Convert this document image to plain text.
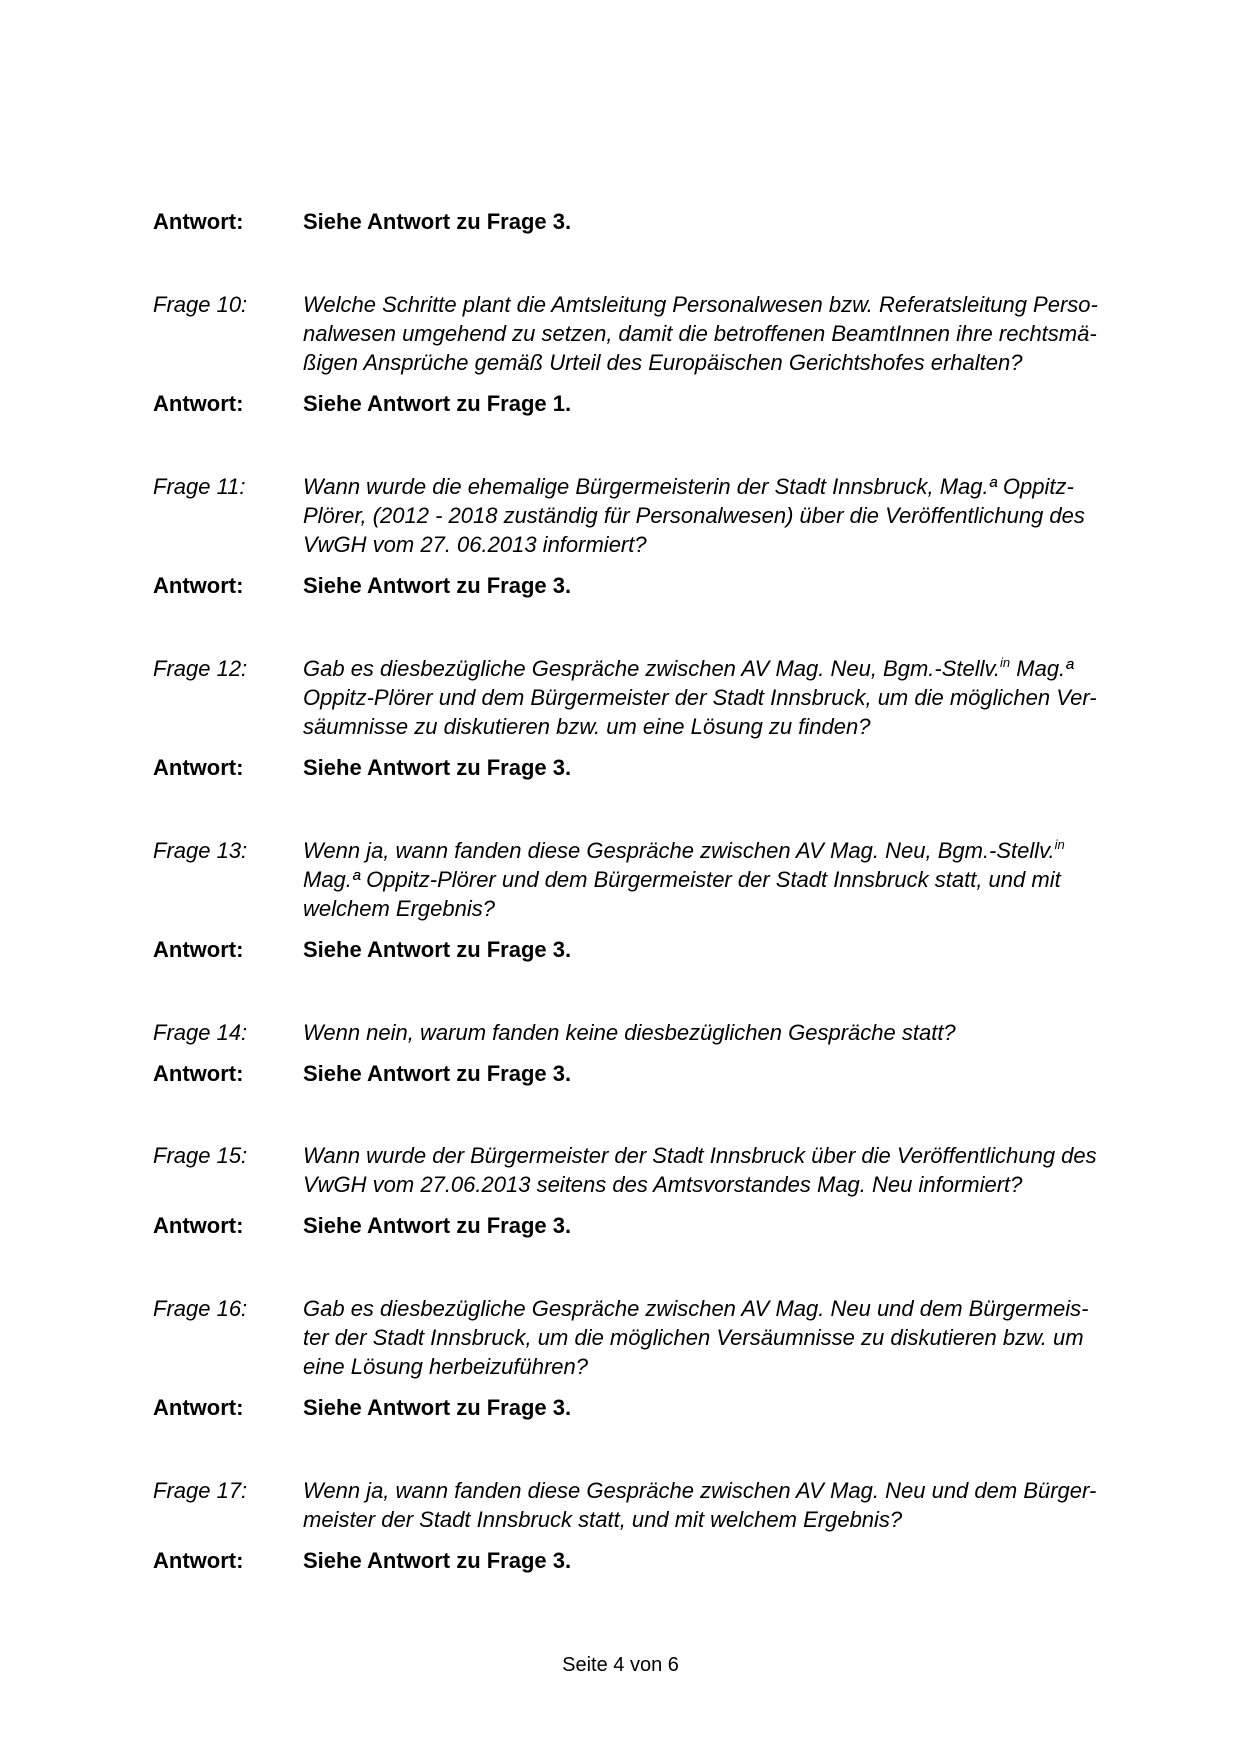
Antwort:	Siehe Antwort zu Frage 3.
Frage 10:	Welche Schritte plant die Amtsleitung Personalwesen bzw. Referatsleitung Perso-
nalwesen umgehend zu setzen, damit die betroffenen BeamtInnen ihre rechtsmä-
ßigen Ansprüche gemäß Urteil des Europäischen Gerichtshofes erhalten?
Antwort:	Siehe Antwort zu Frage 1.
Frage 11:	Wann wurde die ehemalige Bürgermeisterin der Stadt Innsbruck, Mag.ª Oppitz-
Plörer, (2012 - 2018 zuständig für Personalwesen) über die Veröffentlichung des
VwGH vom 27. 06.2013 informiert?
Antwort:	Siehe Antwort zu Frage 3.
Frage 12:	Gab es diesbezügliche Gespräche zwischen AV Mag. Neu, Bgm.-Stellv.$^{in}$ Mag.ª
Oppitz-Plörer und dem Bürgermeister der Stadt Innsbruck, um die möglichen Ver-
säumnisse zu diskutieren bzw. um eine Lösung zu finden?
Antwort:	Siehe Antwort zu Frage 3.
Frage 13:	Wenn ja, wann fanden diese Gespräche zwischen AV Mag. Neu, Bgm.-Stellv.$^{in}$
Mag.ª Oppitz-Plörer und dem Bürgermeister der Stadt Innsbruck statt, und mit
welchem Ergebnis?
Antwort:	Siehe Antwort zu Frage 3.
Frage 14:	Wenn nein, warum fanden keine diesbezüglichen Gespräche statt?
Antwort:	Siehe Antwort zu Frage 3.
Frage 15:	Wann wurde der Bürgermeister der Stadt Innsbruck über die Veröffentlichung des
VwGH vom 27.06.2013 seitens des Amtsvorstandes Mag. Neu informiert?
Antwort:	Siehe Antwort zu Frage 3.
Frage 16:	Gab es diesbezügliche Gespräche zwischen AV Mag. Neu und dem Bürgermeis-
ter der Stadt Innsbruck, um die möglichen Versäumnisse zu diskutieren bzw. um
eine Lösung herbeizuführen?
Antwort:	Siehe Antwort zu Frage 3.
Frage 17:	Wenn ja, wann fanden diese Gespräche zwischen AV Mag. Neu und dem Bürger-
meister der Stadt Innsbruck statt, und mit welchem Ergebnis?
Antwort:	Siehe Antwort zu Frage 3.
Seite 4 von 6
